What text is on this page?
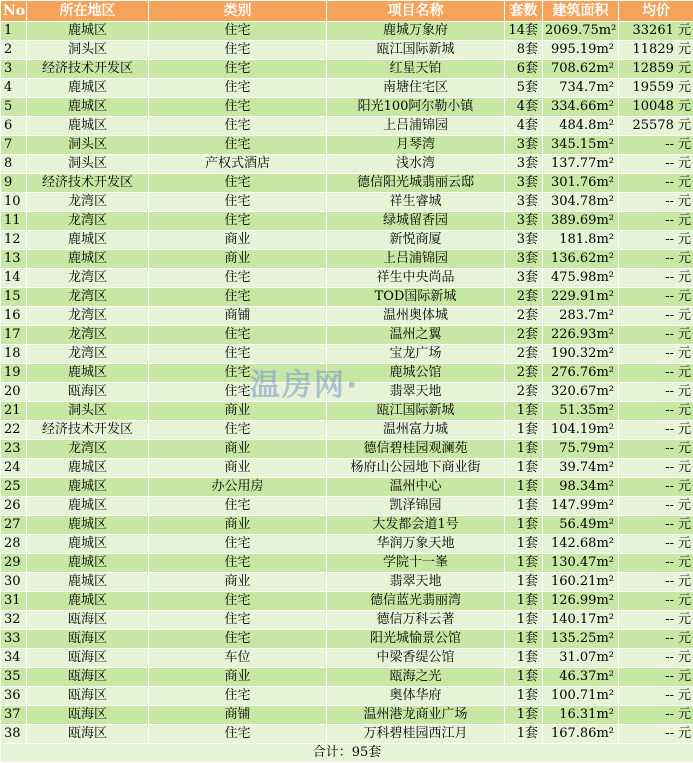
No	所在地区	类别	项目名称	套数	建筑面积	均价
1	鹿城区	住宅	鹿城万象府	14套	2069.75m²	33261 元
2	洞头区	住宅	瓯江国际新城	8套	995.19m²	11829 元
3	经济技术开发区	住宅	红星天铂	6套	708.62m²	12859 元
4	鹿城区	住宅	南塘住宅区	5套	734.7m²	19559 元
5	鹿城区	住宅	阳光100阿尔勒小镇	4套	334.66m²	10048 元
6	鹿城区	住宅	上吕浦锦园	4套	484.8m²	25578 元
7	洞头区	住宅	月琴湾	3套	345.15m²	-- 元
8	洞头区	产权式酒店	浅水湾	3套	137.77m²	-- 元
9	经济技术开发区	住宅	德信阳光城翡丽云邸	3套	301.76m²	-- 元
10	龙湾区	住宅	祥生睿城	3套	304.78m²	-- 元
11	龙湾区	住宅	绿城留香园	3套	389.69m²	-- 元
12	鹿城区	商业	新悦商厦	3套	181.8m²	-- 元
13	鹿城区	商业	上吕浦锦园	3套	136.62m²	-- 元
14	龙湾区	住宅	祥生中央尚品	3套	475.98m²	-- 元
15	龙湾区	住宅	TOD国际新城	2套	229.91m²	-- 元
16	龙湾区	商铺	温州奥体城	2套	283.7m²	-- 元
17	龙湾区	住宅	温州之翼	2套	226.93m²	-- 元
18	龙湾区	住宅	宝龙广场	2套	190.32m²	-- 元
19	鹿城区	住宅	鹿城公馆	2套	276.76m²	-- 元
20	瓯海区	住宅	翡翠天地	2套	320.67m²	-- 元
21	洞头区	商业	瓯江国际新城	1套	51.35m²	-- 元
22	经济技术开发区	住宅	温州富力城	1套	104.19m²	-- 元
23	龙湾区	商业	德信碧桂园观澜苑	1套	75.79m²	-- 元
24	鹿城区	商业	杨府山公园地下商业街	1套	39.74m²	-- 元
25	鹿城区	办公用房	温州中心	1套	98.34m²	-- 元
26	鹿城区	住宅	凯泽锦园	1套	147.99m²	-- 元
27	鹿城区	商业	大发都会道1号	1套	56.49m²	-- 元
28	鹿城区	住宅	华润万象天地	1套	142.68m²	-- 元
29	鹿城区	住宅	学院十一峯	1套	130.47m²	-- 元
30	鹿城区	商业	翡翠天地	1套	160.21m²	-- 元
31	鹿城区	住宅	德信蓝光翡丽湾	1套	126.99m²	-- 元
32	瓯海区	住宅	德信万科云著	1套	140.17m²	-- 元
33	瓯海区	住宅	阳光城愉景公馆	1套	135.25m²	-- 元
34	瓯海区	车位	中梁香缇公馆	1套	31.07m²	-- 元
35	瓯海区	商业	瓯海之光	1套	46.37m²	-- 元
36	瓯海区	住宅	奥体华府	1套	100.71m²	-- 元
37	瓯海区	商铺	温州港龙商业广场	1套	16.31m²	-- 元
38	瓯海区	住宅	万科碧桂园西江月	1套	167.86m²	-- 元
合计：95套						
温房网·
